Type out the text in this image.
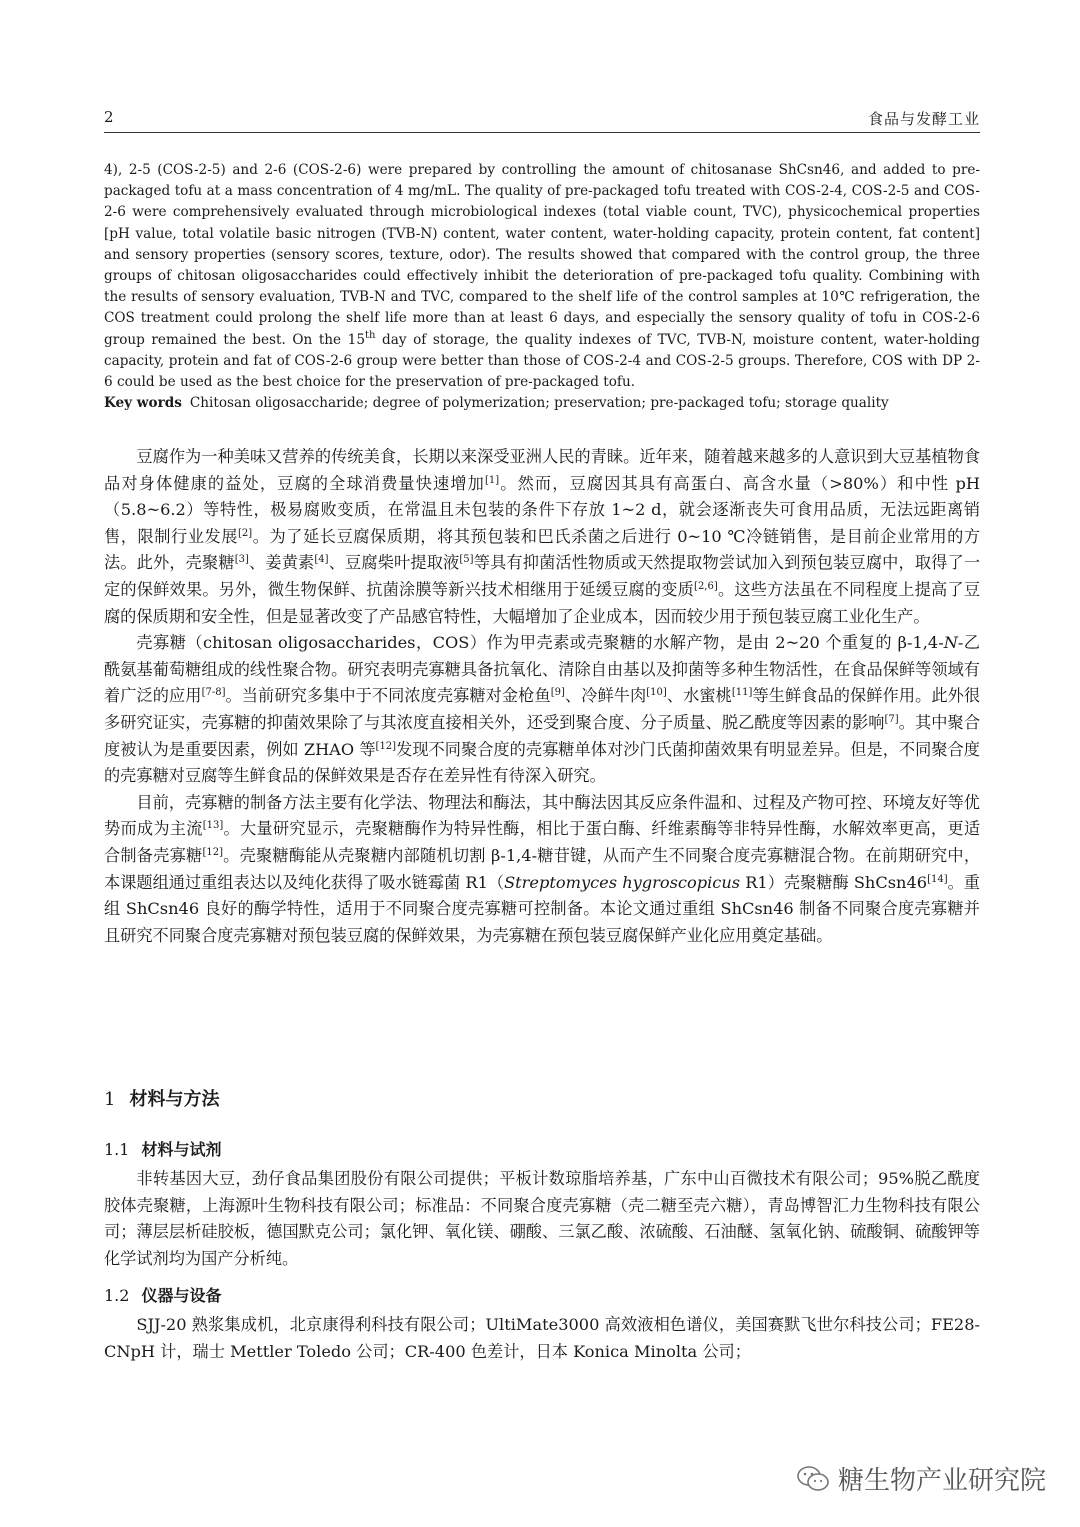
2	食品与发酵工业

4), 2-5 (COS-2-5) and 2-6 (COS-2-6) were prepared by controlling the amount of chitosanase ShCsn46, and added to pre-packaged tofu at a mass concentration of 4 mg/mL. The quality of pre-packaged tofu treated with COS-2-4, COS-2-5 and COS-2-6 were comprehensively evaluated through microbiological indexes (total viable count, TVC), physicochemical properties [pH value, total volatile basic nitrogen (TVB-N) content, water content, water-holding capacity, protein content, fat content] and sensory properties (sensory scores, texture, odor). The results showed that compared with the control group, the three groups of chitosan oligosaccharides could effectively inhibit the deterioration of pre-packaged tofu quality. Combining with the results of sensory evaluation, TVB-N and TVC, compared to the shelf life of the control samples at 10℃ refrigeration, the COS treatment could prolong the shelf life more than at least 6 days, and especially the sensory quality of tofu in COS-2-6 group remained the best. On the 15th day of storage, the quality indexes of TVC, TVB-N, moisture content, water-holding capacity, protein and fat of COS-2-6 group were better than those of COS-2-4 and COS-2-5 groups. Therefore, COS with DP 2-6 could be used as the best choice for the preservation of pre-packaged tofu.

Key words Chitosan oligosaccharide; degree of polymerization; preservation; pre-packaged tofu; storage quality

豆腐作为一种美味又营养的传统美食，长期以来深受亚洲人民的青睐。近年来，随着越来越多的人意识到大豆基植物食品对身体健康的益处，豆腐的全球消费量快速增加[1]。然而，豆腐因其具有高蛋白、高含水量（>80%）和中性 pH（5.8~6.2）等特性，极易腐败变质，在常温且未包装的条件下存放 1~2 d，就会逐渐丧失可食用品质，无法远距离销售，限制行业发展[2]。为了延长豆腐保质期，将其预包装和巴氏杀菌之后进行 0~10 ℃冷链销售，是目前企业常用的方法。此外，壳聚糖[3]、姜黄素[4]、豆腐柴叶提取液[5]等具有抑菌活性物质或天然提取物尝试加入到预包装豆腐中，取得了一定的保鲜效果。另外，微生物保鲜、抗菌涂膜等新兴技术相继用于延缓豆腐的变质[2,6]。这些方法虽在不同程度上提高了豆腐的保质期和安全性，但是显著改变了产品感官特性，大幅增加了企业成本，因而较少用于预包装豆腐工业化生产。

壳寡糖（chitosan oligosaccharides，COS）作为甲壳素或壳聚糖的水解产物，是由 2~20 个重复的 β-1,4-N-乙酰氨基葡萄糖组成的线性聚合物。研究表明壳寡糖具备抗氧化、清除自由基以及抑菌等多种生物活性，在食品保鲜等领域有着广泛的应用[7-8]。当前研究多集中于不同浓度壳寡糖对金枪鱼[9]、冷鲜牛肉[10]、水蜜桃[11]等生鲜食品的保鲜作用。此外很多研究证实，壳寡糖的抑菌效果除了与其浓度直接相关外，还受到聚合度、分子质量、脱乙酰度等因素的影响[7]。其中聚合度被认为是重要因素，例如 ZHAO 等[12]发现不同聚合度的壳寡糖单体对沙门氏菌抑菌效果有明显差异。但是，不同聚合度的壳寡糖对豆腐等生鲜食品的保鲜效果是否存在差异性有待深入研究。

目前，壳寡糖的制备方法主要有化学法、物理法和酶法，其中酶法因其反应条件温和、过程及产物可控、环境友好等优势而成为主流[13]。大量研究显示，壳聚糖酶作为特异性酶，相比于蛋白酶、纤维素酶等非特异性酶，水解效率更高，更适合制备壳寡糖[12]。壳聚糖酶能从壳聚糖内部随机切割 β-1,4-糖苷键，从而产生不同聚合度壳寡糖混合物。在前期研究中，本课题组通过重组表达以及纯化获得了吸水链霉菌 R1（Streptomyces hygroscopicus R1）壳聚糖酶 ShCsn46[14]。重组 ShCsn46 良好的酶学特性，适用于不同聚合度壳寡糖可控制备。本论文通过重组 ShCsn46 制备不同聚合度壳寡糖并且研究不同聚合度壳寡糖对预包装豆腐的保鲜效果，为壳寡糖在预包装豆腐保鲜产业化应用奠定基础。

1 材料与方法
1.1 材料与试剂

非转基因大豆，劲仔食品集团股份有限公司提供；平板计数琼脂培养基，广东中山百微技术有限公司；95%脱乙酰度胶体壳聚糖，上海源叶生物科技有限公司；标准品：不同聚合度壳寡糖（壳二糖至壳六糖），青岛博智汇力生物科技有限公司；薄层层析硅胶板，德国默克公司；氯化钾、氧化镁、硼酸、三氯乙酸、浓硫酸、石油醚、氢氧化钠、硫酸铜、硫酸钾等化学试剂均为国产分析纯。

1.2 仪器与设备

SJJ-20 熟浆集成机，北京康得利科技有限公司；UltiMate3000 高效液相色谱仪，美国赛默飞世尔科技公司；FE28-CNpH 计，瑞士 Mettler Toledo 公司；CR-400 色差计，日本 Konica Minolta 公司；

糖生物产业研究院
